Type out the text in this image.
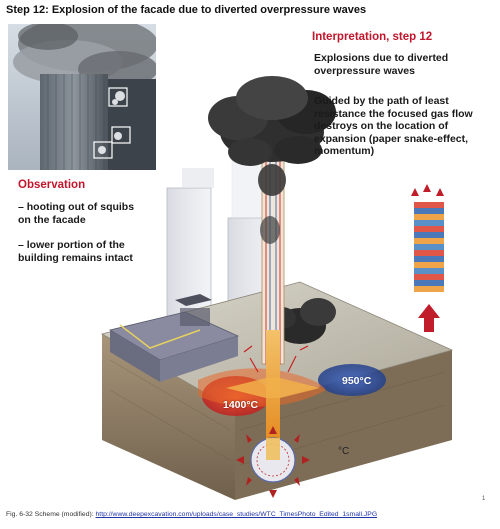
Step 12: Explosion of the facade due to diverted overpressure waves
Interpretation, step 12
Explosions due to diverted overpressure waves
Guided by the path of least resistance the focused gas flow destroys on the location of expansion (paper snake-effect, momentum)
Observation
– hooting out of squibs on the facade
– lower portion of the building remains intact
950°C
1400°C
°C
Fig. 6-32 Scheme (modified): http://www.deepexcavation.com/uploads/case_studies/WTC_TimesPhoto_Edited_1small.JPG
1
